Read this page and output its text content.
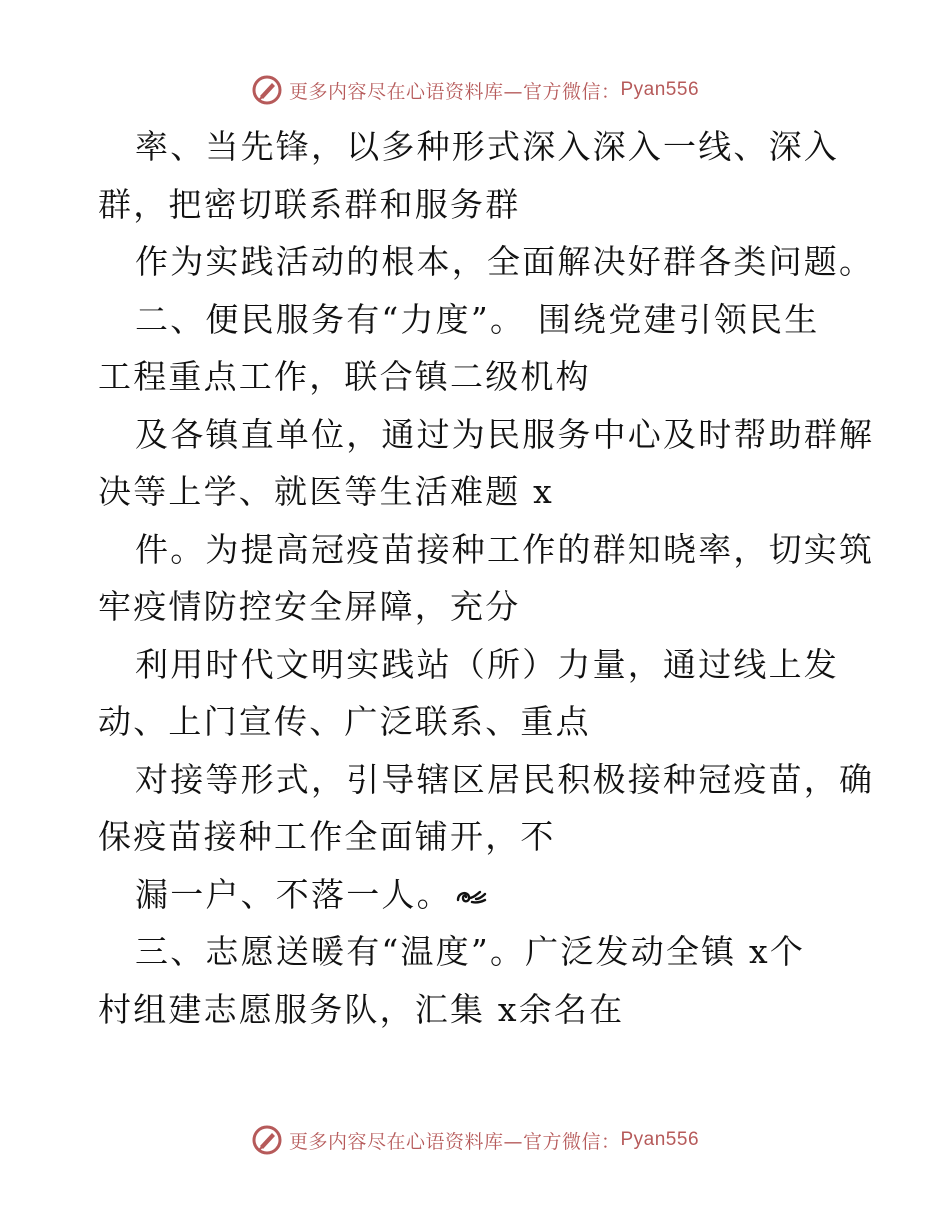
更多内容尽在心语资料库—官方微信： Pyan556
率、当先锋，以多种形式深入深入一线、深入
群，把密切联系群和服务群
作为实践活动的根本，全面解决好群各类问题。
二、便民服务有“力度”。 围绕党建引领民生
工程重点工作，联合镇二级机构
及各镇直单位，通过为民服务中心及时帮助群解
决等上学、就医等生活难题 x
件。为提高冠疫苗接种工作的群知晓率，切实筑
牢疫情防控安全屏障，充分
利用时代文明实践站（所）力量，通过线上发
动、上门宣传、广泛联系、重点
对接等形式，引导辖区居民积极接种冠疫苗，确
保疫苗接种工作全面铺开，不
漏一户、不落一人。
三、志愿送暖有“温度”。广泛发动全镇 x个
村组建志愿服务队，汇集 x余名在
更多内容尽在心语资料库—官方微信： Pyan556
